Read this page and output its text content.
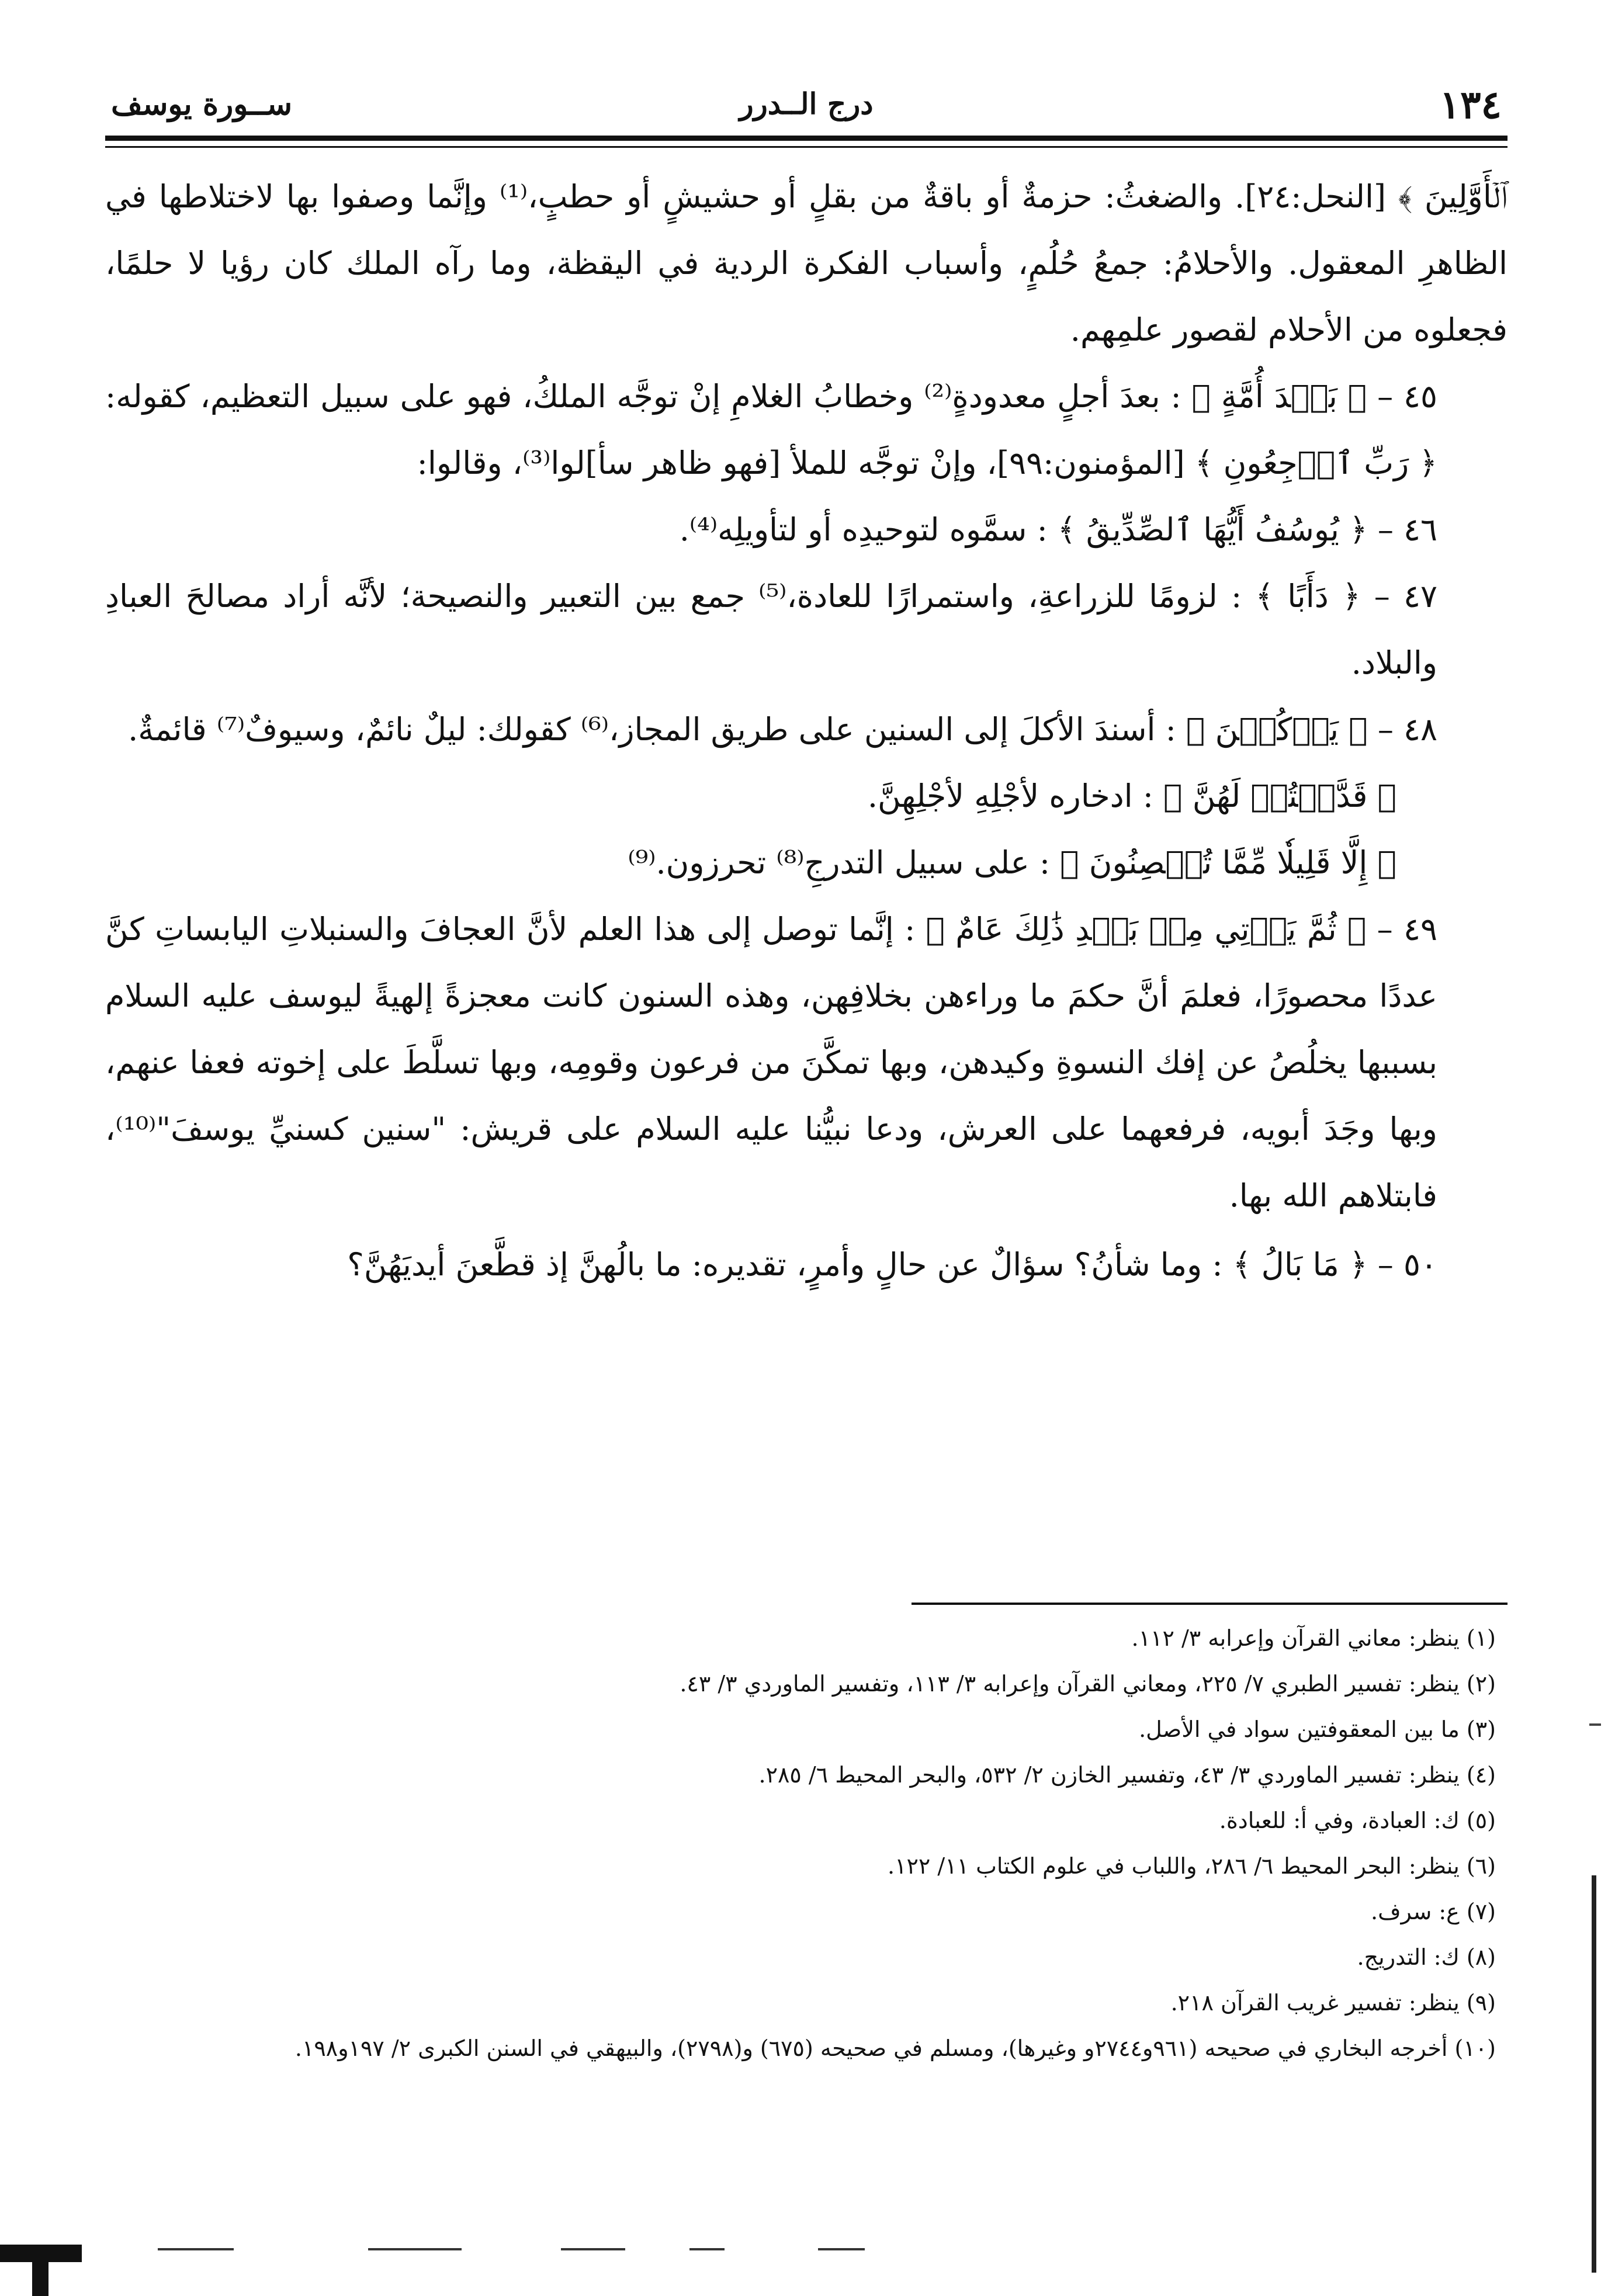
١٣٤
درج الــدرر
ســورة يوسف

ﭐلۡأَوَّلِينَ ﴾ [النحل:٢٤]. والضغثُ: حزمةٌ أو باقةٌ من بقلٍ أو حشيشٍ أو حطبٍ،⁽¹⁾ وإنَّما وصفوا بها لاختلاطها في الظاهرِ المعقول. والأحلامُ: جمعُ حُلُمٍ، وأسباب الفكرة الردية في اليقظة، وما رآه الملك كان رؤيا لا حلمًا، فجعلوه من الأحلام لقصور علمِهم.

٤٥ – ﴿ بَعۡدَ أُمَّةٍ ﴾ : بعدَ أجلٍ معدودةٍ⁽²⁾ وخطابُ الغلامِ إنْ توجَّه الملكُ، فهو على سبيل التعظيم، كقوله: ﴿ رَبِّ ٱرۡجِعُونِ ﴾ [المؤمنون:٩٩]، وإنْ توجَّه للملأ [فهو ظاهر سأ]لوا⁽³⁾، وقالوا:

٤٦ – ﴿ يُوسُفُ أَيُّهَا ٱلصِّدِّيقُ ﴾ : سمَّوه لتوحيدِه أو لتأويلِه⁽⁴⁾.

٤٧ – ﴿ دَأَبًا ﴾ : لزومًا للزراعةِ، واستمرارًا للعادة،⁽⁵⁾ جمع بين التعبير والنصيحة؛ لأنَّه أراد مصالحَ العبادِ والبلاد.

٤٨ – ﴿ يَأۡكُلۡنَ ﴾ : أسندَ الأكلَ إلى السنين على طريق المجاز،⁽⁶⁾ كقولك: ليلٌ نائمٌ، وسيوفٌ⁽⁷⁾ قائمةٌ.

﴿ قَدَّمۡتُمۡ لَهُنَّ ﴾ : ادخاره لأجْلِهِ لأجْلِهِنَّ.

﴿ إِلَّا قَلِيلٗا مِّمَّا تُحۡصِنُونَ ﴾ : على سبيل التدرجِ⁽⁸⁾ تحرزون.⁽⁹⁾

٤٩ – ﴿ ثُمَّ يَأۡتِي مِنۢ بَعۡدِ ذَٰلِكَ عَامٌ ﴾ : إنَّما توصل إلى هذا العلم لأنَّ العجافَ والسنبلاتِ اليابساتِ كنَّ عددًا محصورًا، فعلمَ أنَّ حكمَ ما وراءهن بخلافِهن، وهذه السنون كانت معجزةً إلهيةً ليوسف عليه السلام بسببها يخلُصُ عن إفك النسوةِ وكيدهن، وبها تمكَّنَ من فرعون وقومِه، وبها تسلَّطَ على إخوته فعفا عنهم، وبها وجَدَ أبويه، فرفعهما على العرش، ودعا نبيُّنا عليه السلام على قريش: "سنين كسنيِّ يوسفَ"⁽¹⁰⁾، فابتلاهم الله بها.

٥٠ – ﴿ مَا بَالُ ﴾ : وما شأنُ؟ سؤالٌ عن حالٍ وأمرٍ، تقديره: ما بالُهنَّ إذ قطَّعنَ أيديَهُنَّ؟

(١) ينظر: معاني القرآن وإعرابه ٣/ ١١٢.

(٢) ينظر: تفسير الطبري ٧/ ٢٢٥، ومعاني القرآن وإعرابه ٣/ ١١٣، وتفسير الماوردي ٣/ ٤٣.

(٣) ما بين المعقوفتين سواد في الأصل.

(٤) ينظر: تفسير الماوردي ٣/ ٤٣، وتفسير الخازن ٢/ ٥٣٢، والبحر المحيط ٦/ ٢٨٥.

(٥) ك: العبادة، وفي أ: للعبادة.

(٦) ينظر: البحر المحيط ٦/ ٢٨٦، واللباب في علوم الكتاب ١١/ ١٢٢.

(٧) ع: سرف.

(٨) ك: التدريج.

(٩) ينظر: تفسير غريب القرآن ٢١٨.

(١٠) أخرجه البخاري في صحيحه (٩٦١و٢٧٤٤و وغيرها)، ومسلم في صحيحه (٦٧٥) و(٢٧٩٨)، والبيهقي في السنن الكبرى ٢/ ١٩٧و١٩٨.
